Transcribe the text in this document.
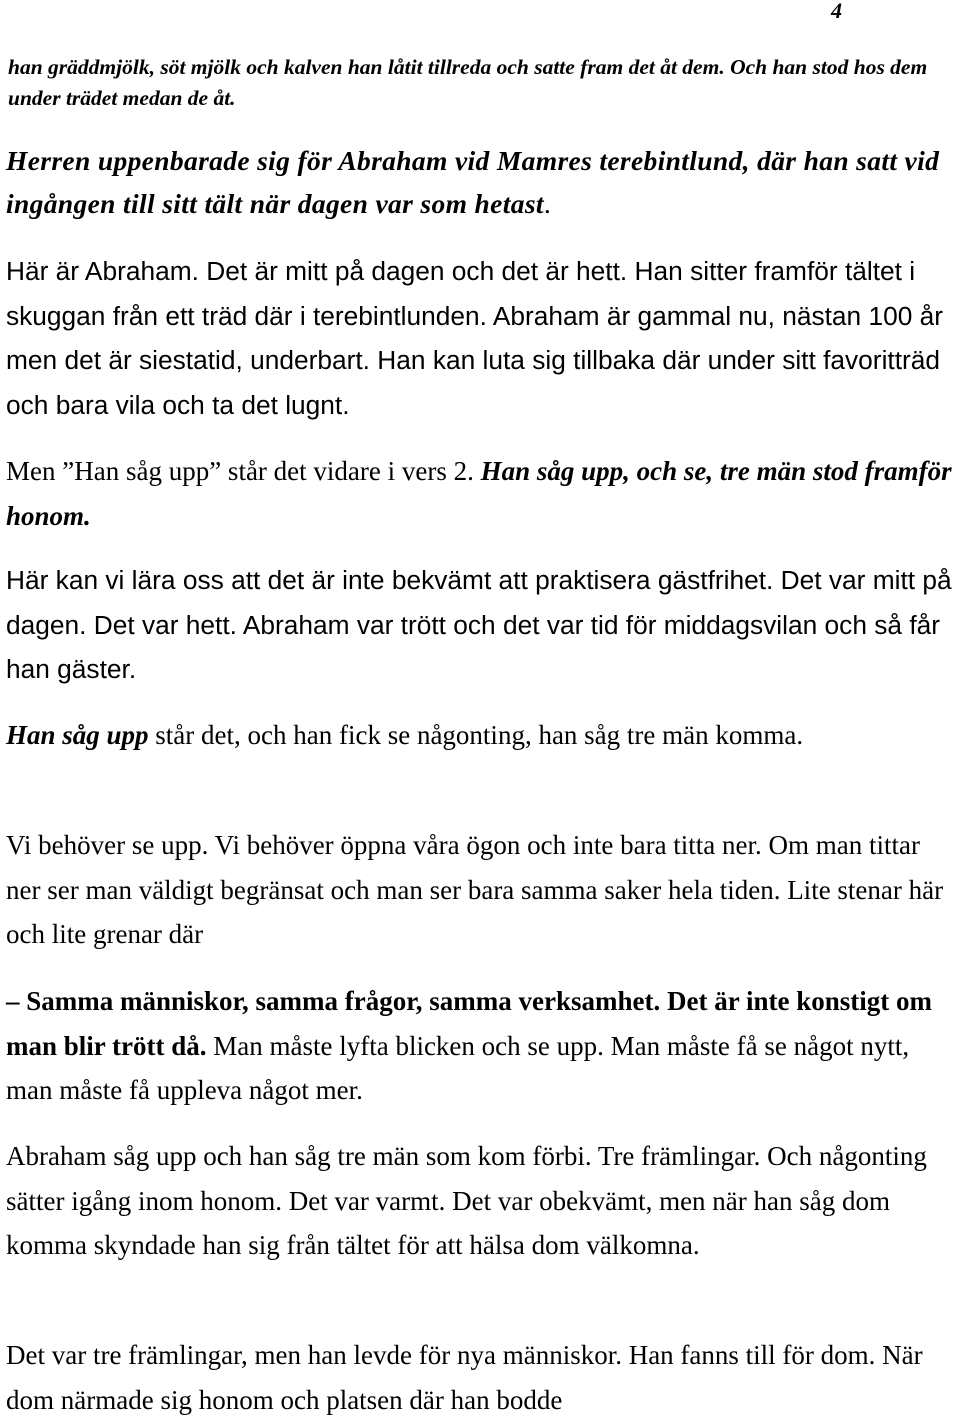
4

han gräddmjölk, söt mjölk och kalven han låtit tillreda och satte fram det åt dem. Och han stod hos dem under trädet medan de åt.

Herren uppenbarade sig för Abraham vid Mamres terebintlund, där han satt vid ingången till sitt tält när dagen var som hetast.

Här är Abraham. Det är mitt på dagen och det är hett. Han sitter framför tältet i skuggan från ett träd där i terebintlunden. Abraham är gammal nu, nästan 100 år men det är siestatid, underbart. Han kan luta sig tillbaka där under sitt favoritträd och bara vila och ta det lugnt.

Men ”Han såg upp” står det vidare i vers 2. Han såg upp, och se, tre män stod framför honom.

Här kan vi lära oss att det är inte bekvämt att praktisera gästfrihet. Det var mitt på dagen. Det var hett. Abraham var trött och det var tid för middagsvilan och så får han gäster.

Han såg upp står det, och han fick se någonting, han såg tre män komma.

Vi behöver se upp. Vi behöver öppna våra ögon och inte bara titta ner. Om man tittar ner ser man väldigt begränsat och man ser bara samma saker hela tiden. Lite stenar här och lite grenar där

– Samma människor, samma frågor, samma verksamhet. Det är inte konstigt om man blir trött då. Man måste lyfta blicken och se upp. Man måste få se något nytt, man måste få uppleva något mer.

Abraham såg upp och han såg tre män som kom förbi. Tre främlingar. Och någonting sätter igång inom honom. Det var varmt. Det var obekvämt, men när han såg dom komma skyndade han sig från tältet för att hälsa dom välkomna.

Det var tre främlingar, men han levde för nya människor. Han fanns till för dom. När dom närmade sig honom och platsen där han bodde
